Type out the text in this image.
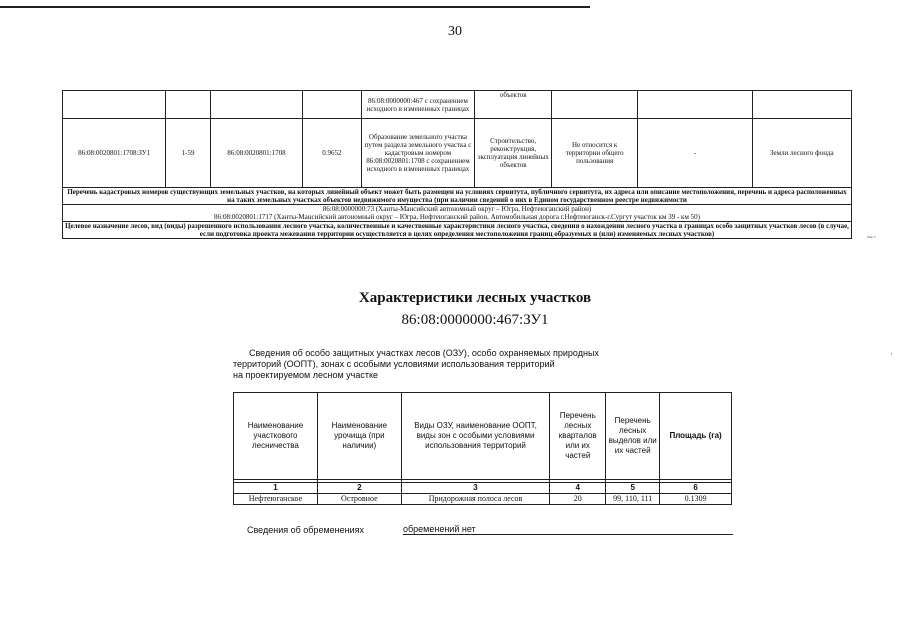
30
				86:08:0000000:467 с сохранением исходного в измененных границах	объектов			
86:08:0020801:1708:ЗУ1	1-59	86:08:0020801:1708	0.9652	Образование земельного участка путем раздела земельного участка с кадастровым номером 86:08:0020801:1708 с сохранением исходного в измененных границах	Строительство, реконструкция, эксплуатация линейных объектов	Не относится к территории общего пользования	-	Земли лесного фонда
Перечень кадастровых номеров существующих земельных участков, на которых линейный объект может быть размещен на условиях сервитута, публичного сервитута, их адреса или описание местоположения, перечень и адреса расположенных на таких земельных участках объектов недвижимого имущества (при наличии сведений о них в Едином государственном реестре недвижимости								

86:08:0000000:73 (Ханты-Мансийский автономный округ – Югра, Нефтеюганский район)
86:08:0020801:1717 (Ханты-Мансийский автономный округ – Югра, Нефтеюганский район, Автомобильная дорога г.Нефтеюганск-г.Сургут участок км 39 - км 50)								

Целевое назначение лесов, вид (виды) разрешенного использования лесного участка, количественные и качественные характеристики лесного участка, сведения о нахождении лесного участка в границах особо защитных участков лесов (в случае, если подготовка проекта межевания территории осуществляется в целях определения местоположения границ образуемых и (или) изменяемых лесных участков)								
Характеристики лесных участков
86:08:0000000:467:ЗУ1
Сведения об особо защитных участках лесов (ОЗУ), особо охраняемых природных
территорий (ООПТ), зонах с особыми условиями использования территорий
на проектируемом лесном участке
Наименование участкового лесничества	Наименование урочища (при наличии)	Виды ОЗУ, наименование ООПТ, виды зон с особыми условиями использования территорий	Перечень лесных кварталов или их частей	Перечень лесных выделов или их частей	Площадь (га)

1	2	3	4	5	6
Нефтеюганское	Островное	Придорожная полоса лесов	20	99, 110, 111	0.1309
Сведения об обременениях	обременений нет
~·
·
